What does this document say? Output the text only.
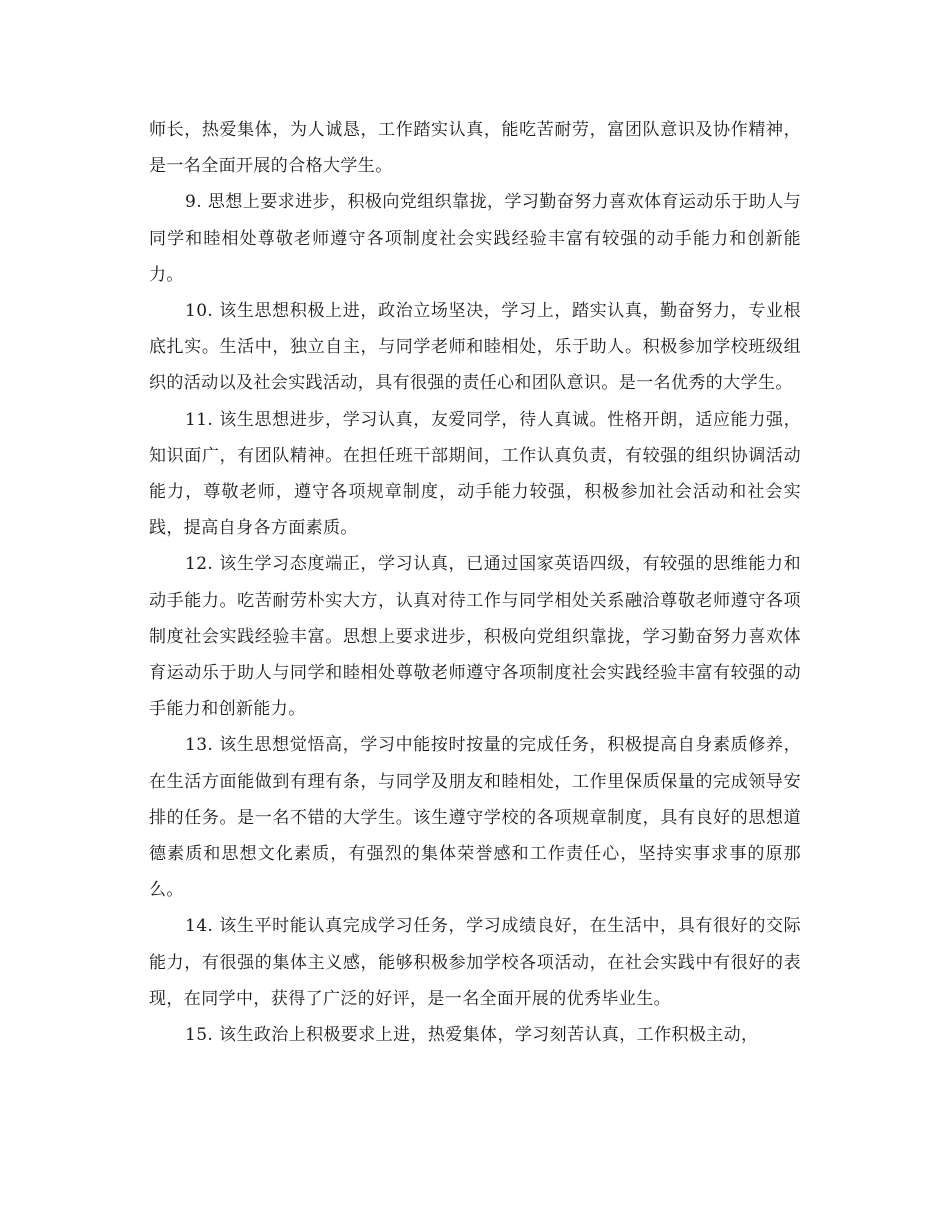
师长，热爱集体，为人诚恳，工作踏实认真，能吃苦耐劳，富团队意识及协作精神，是一名全面开展的合格大学生。

9. 思想上要求进步，积极向党组织靠拢，学习勤奋努力喜欢体育运动乐于助人与同学和睦相处尊敬老师遵守各项制度社会实践经验丰富有较强的动手能力和创新能力。

10. 该生思想积极上进，政治立场坚决，学习上，踏实认真，勤奋努力，专业根底扎实。生活中，独立自主，与同学老师和睦相处，乐于助人。积极参加学校班级组织的活动以及社会实践活动，具有很强的责任心和团队意识。是一名优秀的大学生。

11. 该生思想进步，学习认真，友爱同学，待人真诚。性格开朗，适应能力强，知识面广，有团队精神。在担任班干部期间，工作认真负责，有较强的组织协调活动能力，尊敬老师，遵守各项规章制度，动手能力较强，积极参加社会活动和社会实践，提高自身各方面素质。

12. 该生学习态度端正，学习认真，已通过国家英语四级，有较强的思维能力和动手能力。吃苦耐劳朴实大方，认真对待工作与同学相处关系融洽尊敬老师遵守各项制度社会实践经验丰富。思想上要求进步，积极向党组织靠拢，学习勤奋努力喜欢体育运动乐于助人与同学和睦相处尊敬老师遵守各项制度社会实践经验丰富有较强的动手能力和创新能力。

13. 该生思想觉悟高，学习中能按时按量的完成任务，积极提高自身素质修养，在生活方面能做到有理有条，与同学及朋友和睦相处，工作里保质保量的完成领导安排的任务。是一名不错的大学生。该生遵守学校的各项规章制度，具有良好的思想道德素质和思想文化素质，有强烈的集体荣誉感和工作责任心，坚持实事求事的原那么。

14. 该生平时能认真完成学习任务，学习成绩良好，在生活中，具有很好的交际能力，有很强的集体主义感，能够积极参加学校各项活动，在社会实践中有很好的表现，在同学中，获得了广泛的好评，是一名全面开展的优秀毕业生。

15. 该生政治上积极要求上进，热爱集体，学习刻苦认真，工作积极主动，
